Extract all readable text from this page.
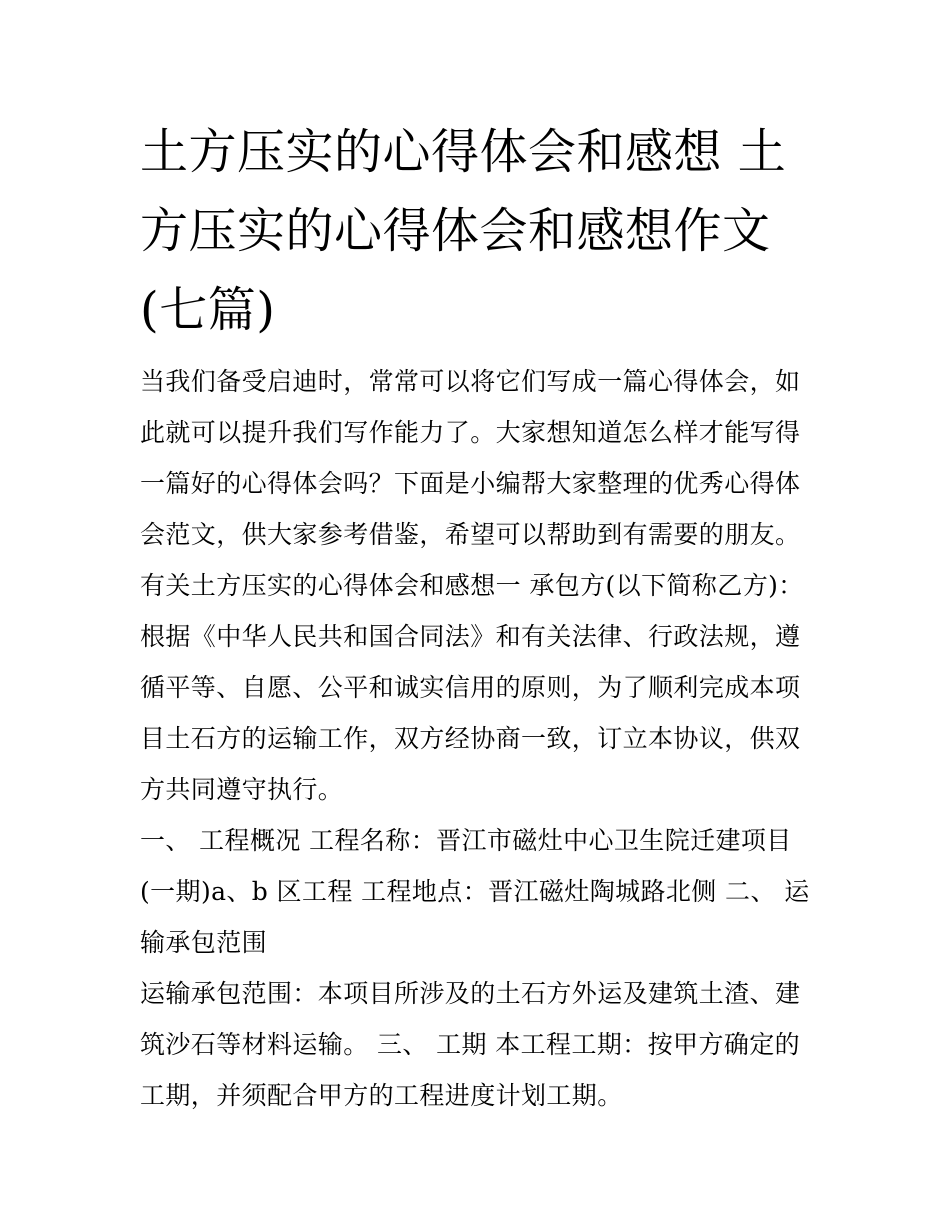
土方压实的心得体会和感想 土方压实的心得体会和感想作文(七篇)

当我们备受启迪时，常常可以将它们写成一篇心得体会，如此就可以提升我们写作能力了。大家想知道怎么样才能写得一篇好的心得体会吗？下面是小编帮大家整理的优秀心得体会范文，供大家参考借鉴，希望可以帮助到有需要的朋友。

有关土方压实的心得体会和感想一 承包方(以下简称乙方)：

根据《中华人民共和国合同法》和有关法律、行政法规，遵循平等、自愿、公平和诚实信用的原则，为了顺利完成本项目土石方的运输工作，双方经协商一致，订立本协议，供双方共同遵守执行。

一、 工程概况 工程名称：晋江市磁灶中心卫生院迁建项目(一期)a、b 区工程 工程地点：晋江磁灶陶城路北侧 二、 运输承包范围

运输承包范围：本项目所涉及的土石方外运及建筑土渣、建筑沙石等材料运输。 三、 工期 本工程工期：按甲方确定的工期，并须配合甲方的工程进度计划工期。
